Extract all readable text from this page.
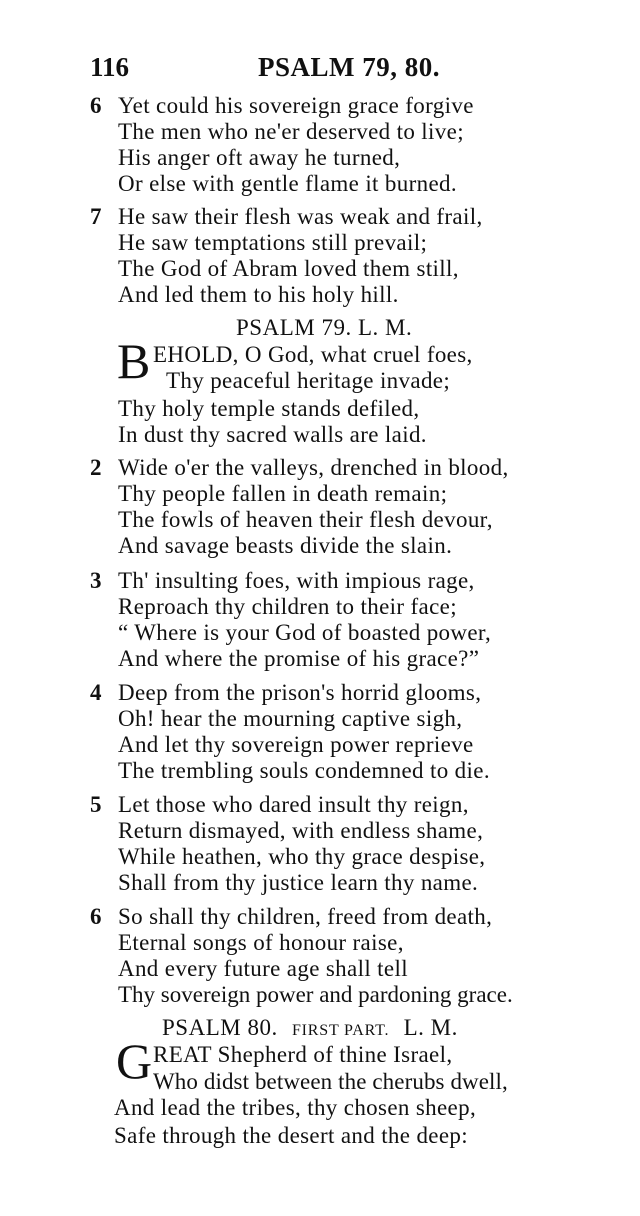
116	PSALM 79, 80.
6 Yet could his sovereign grace forgive
The men who ne'er deserved to live;
His anger oft away he turned,
Or else with gentle flame it burned.
7 He saw their flesh was weak and frail,
He saw temptations still prevail;
The God of Abram loved them still,
And led them to his holy hill.
PSALM 79. L. M.
B EHOLD, O God, what cruel foes,
Thy peaceful heritage invade;
Thy holy temple stands defiled,
In dust thy sacred walls are laid.
2 Wide o'er the valleys, drenched in blood,
Thy people fallen in death remain;
The fowls of heaven their flesh devour,
And savage beasts divide the slain.
3 Th' insulting foes, with impious rage,
Reproach thy children to their face;
“ Where is your God of boasted power,
And where the promise of his grace?”
4 Deep from the prison's horrid glooms,
Oh! hear the mourning captive sigh,
And let thy sovereign power reprieve
The trembling souls condemned to die.
5 Let those who dared insult thy reign,
Return dismayed, with endless shame,
While heathen, who thy grace despise,
Shall from thy justice learn thy name.
6 So shall thy children, freed from death,
Eternal songs of honour raise,
And every future age shall tell
Thy sovereign power and pardoning grace.
PSALM 80. FIRST PART. L. M.
G REAT Shepherd of thine Israel,
Who didst between the cherubs dwell,
And lead the tribes, thy chosen sheep,
Safe through the desert and the deep:
